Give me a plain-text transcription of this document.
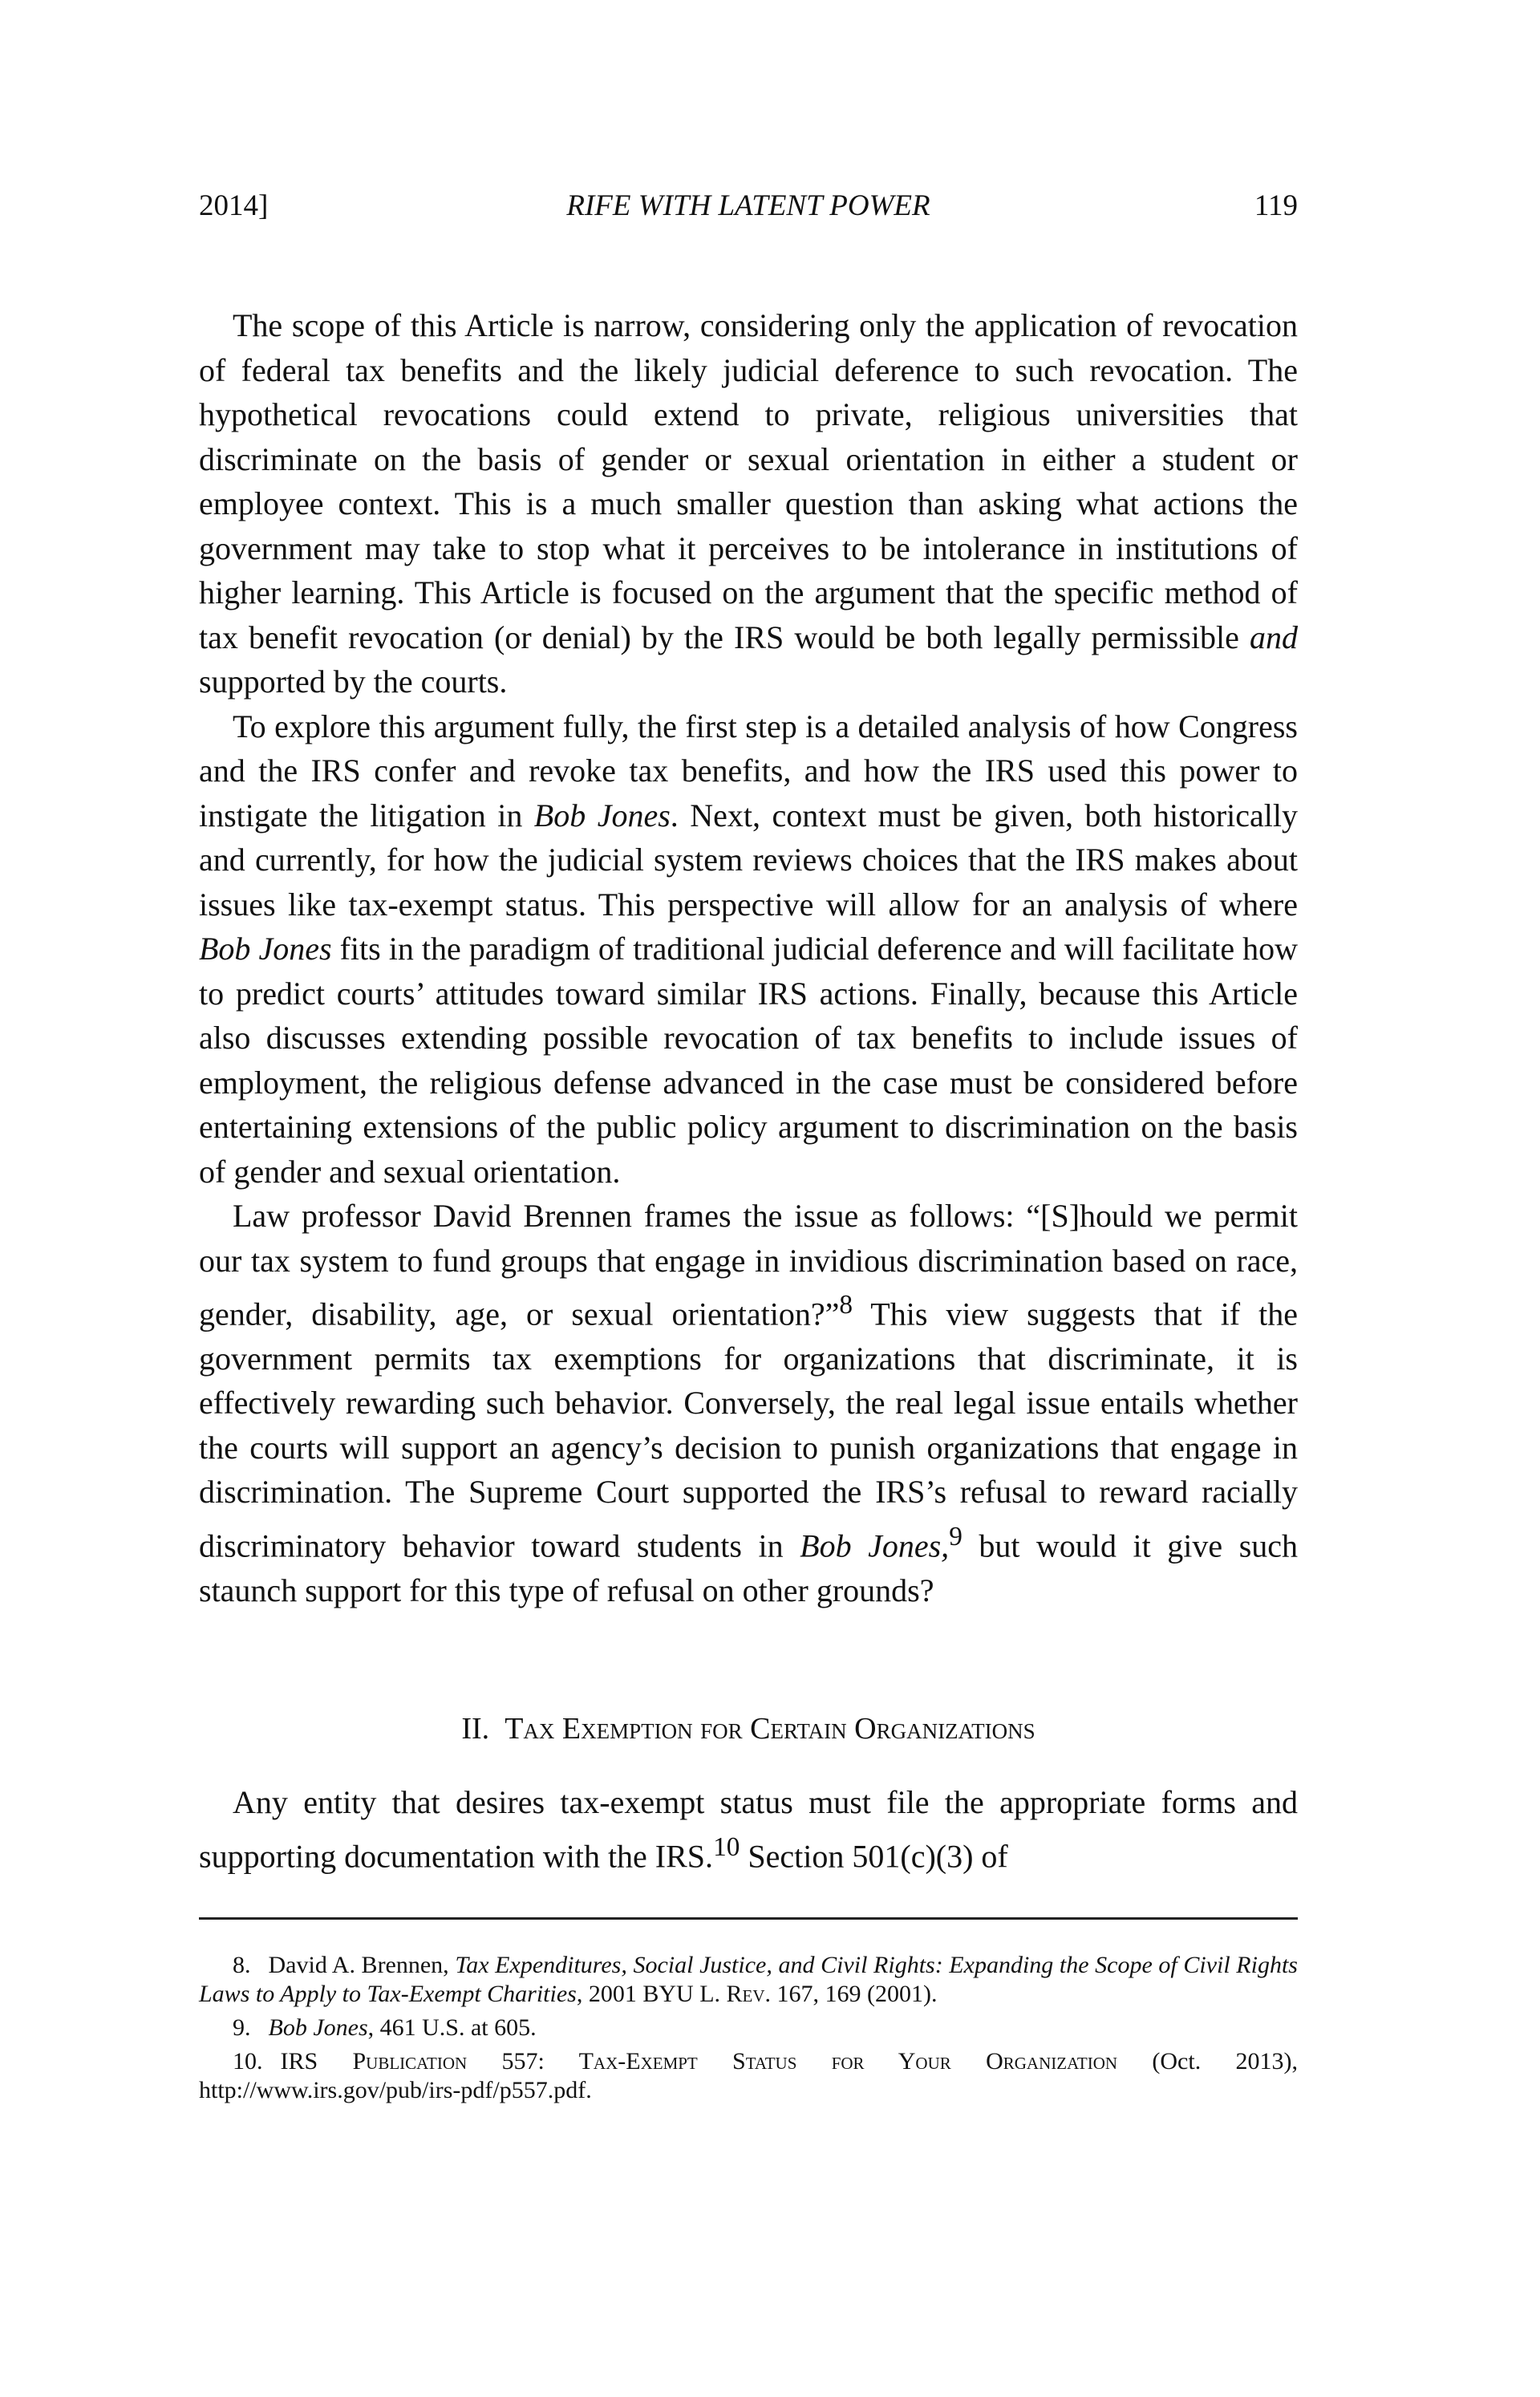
2014]	RIFE WITH LATENT POWER	119

The scope of this Article is narrow, considering only the application of revocation of federal tax benefits and the likely judicial deference to such revocation. The hypothetical revocations could extend to private, religious universities that discriminate on the basis of gender or sexual orientation in either a student or employee context. This is a much smaller question than asking what actions the government may take to stop what it perceives to be intolerance in institutions of higher learning. This Article is focused on the argument that the specific method of tax benefit revocation (or denial) by the IRS would be both legally permissible and supported by the courts.

To explore this argument fully, the first step is a detailed analysis of how Congress and the IRS confer and revoke tax benefits, and how the IRS used this power to instigate the litigation in Bob Jones. Next, context must be given, both historically and currently, for how the judicial system reviews choices that the IRS makes about issues like tax-exempt status. This perspective will allow for an analysis of where Bob Jones fits in the paradigm of traditional judicial deference and will facilitate how to predict courts’ attitudes toward similar IRS actions. Finally, because this Article also discusses extending possible revocation of tax benefits to include issues of employment, the religious defense advanced in the case must be considered before entertaining extensions of the public policy argument to discrimination on the basis of gender and sexual orientation.

Law professor David Brennen frames the issue as follows: “[S]hould we permit our tax system to fund groups that engage in invidious discrimination based on race, gender, disability, age, or sexual orientation?”$^8$ This view suggests that if the government permits tax exemptions for organizations that discriminate, it is effectively rewarding such behavior. Conversely, the real legal issue entails whether the courts will support an agency’s decision to punish organizations that engage in discrimination. The Supreme Court supported the IRS’s refusal to reward racially discriminatory behavior toward students in Bob Jones,$^9$ but would it give such staunch support for this type of refusal on other grounds?

II. Tax Exemption for Certain Organizations

Any entity that desires tax-exempt status must file the appropriate forms and supporting documentation with the IRS.$^{10}$ Section 501(c)(3) of

8. David A. Brennen, Tax Expenditures, Social Justice, and Civil Rights: Expanding the Scope of Civil Rights Laws to Apply to Tax-Exempt Charities, 2001 BYU L. Rev. 167, 169 (2001).

9. Bob Jones, 461 U.S. at 605.

10. IRS Publication 557: Tax-Exempt Status for Your Organization (Oct. 2013), http://www.irs.gov/pub/irs-pdf/p557.pdf.
